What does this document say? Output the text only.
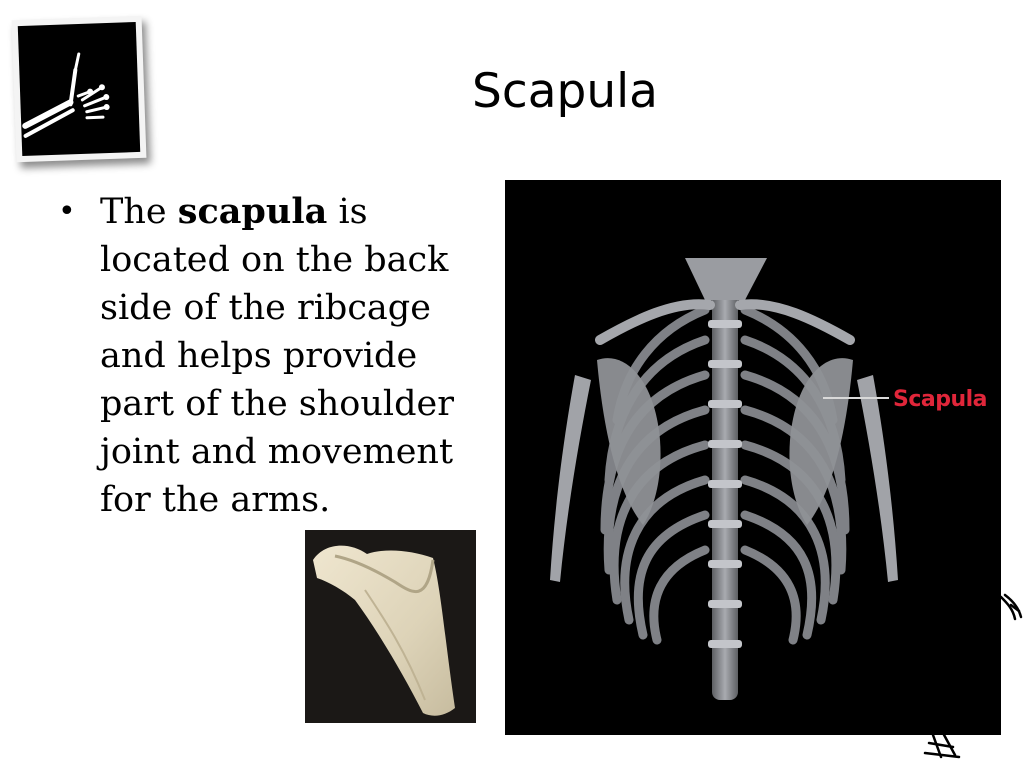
Scapula
• The scapula is located on the back side of the ribcage and helps provide part of the shoulder joint and movement for the arms.
Scapula
